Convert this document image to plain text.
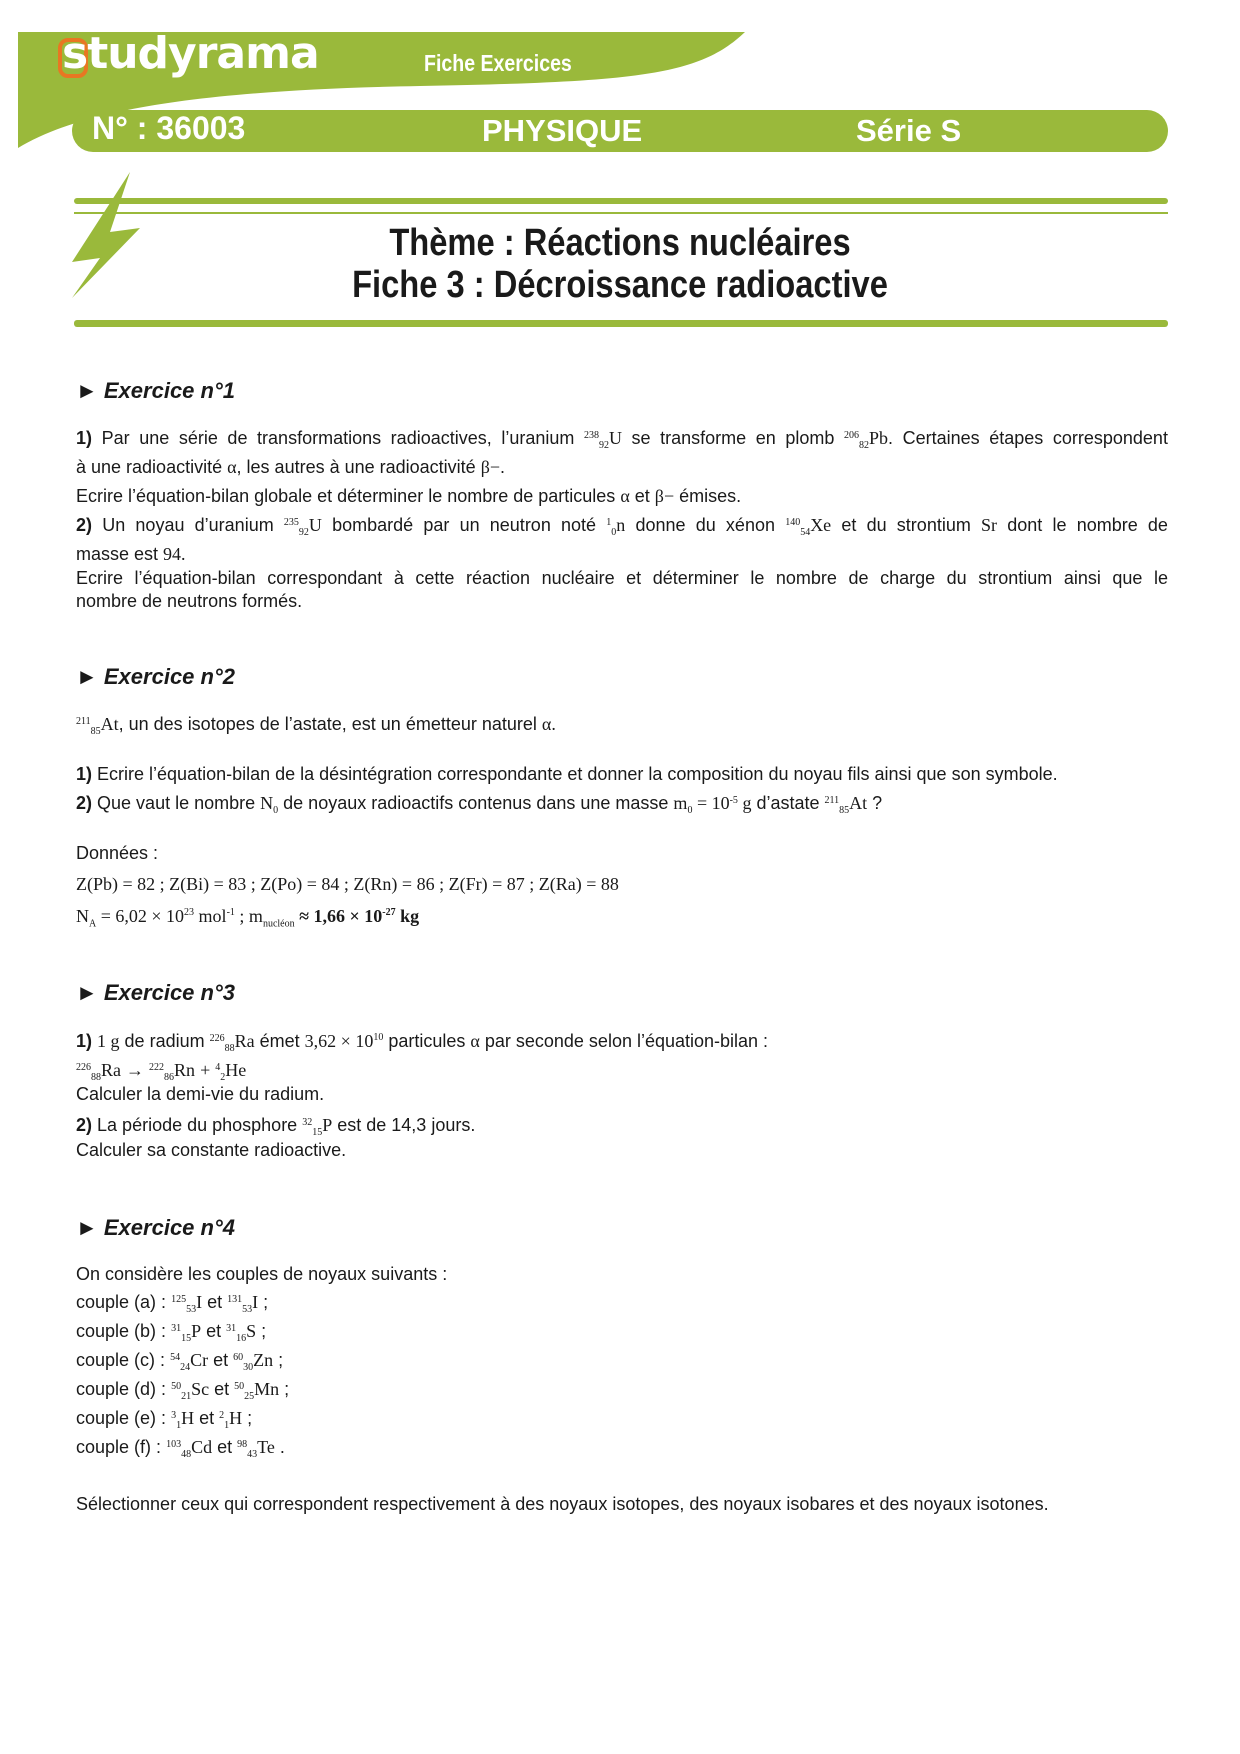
studyrama	Fiche Exercices
N° : 36003	PHYSIQUE	Série S
Thème : Réactions nucléaires
Fiche 3 : Décroissance radioactive
► Exercice n°1
1) Par une série de transformations radioactives, l’uranium $^{238}_{92}$U se transforme en plomb $^{206}_{82}$Pb. Certaines étapes correspondent
à une radioactivité α, les autres à une radioactivité β−.
Ecrire l’équation-bilan globale et déterminer le nombre de particules α et β− émises.
2) Un noyau d’uranium $^{235}_{92}$U bombardé par un neutron noté $^1_0$n donne du xénon $^{140}_{54}$Xe et du strontium Sr dont le nombre de
masse est 94.
Ecrire l’équation-bilan correspondant à cette réaction nucléaire et déterminer le nombre de charge du strontium ainsi que le
nombre de neutrons formés.
► Exercice n°2
$^{211}_{85}$At, un des isotopes de l’astate, est un émetteur naturel α.
1) Ecrire l’équation-bilan de la désintégration correspondante et donner la composition du noyau fils ainsi que son symbole.
2) Que vaut le nombre $N_0$ de noyaux radioactifs contenus dans une masse $m_0 = 10^{-5}$ g d’astate $^{211}_{85}$At ?
Données :
Z(Pb) = 82 ; Z(Bi) = 83 ; Z(Po) = 84 ; Z(Rn) = 86 ; Z(Fr) = 87 ; Z(Ra) = 88
$N_A = 6,02 \times 10^{23}$ mol$^{-1}$ ; $m_{nucléon} \approx 1,66 \times 10^{-27}$ kg
► Exercice n°3
1) 1 g de radium $^{226}_{88}$Ra émet $3,62 \times 10^{10}$ particules α par seconde selon l’équation-bilan :
$^{226}_{88}$Ra → $^{222}_{86}$Rn + $^4_2$He
Calculer la demi-vie du radium.
2) La période du phosphore $^{32}_{15}$P est de 14,3 jours.
Calculer sa constante radioactive.
► Exercice n°4
On considère les couples de noyaux suivants :
couple (a) : $^{125}_{53}$I et $^{131}_{53}$I ;
couple (b) : $^{31}_{15}$P et $^{31}_{16}$S ;
couple (c) : $^{54}_{24}$Cr et $^{60}_{30}$Zn ;
couple (d) : $^{50}_{21}$Sc et $^{50}_{25}$Mn ;
couple (e) : $^3_1$H et $^2_1$H ;
couple (f) : $^{103}_{48}$Cd et $^{98}_{43}$Te .
Sélectionner ceux qui correspondent respectivement à des noyaux isotopes, des noyaux isobares et des noyaux isotones.
